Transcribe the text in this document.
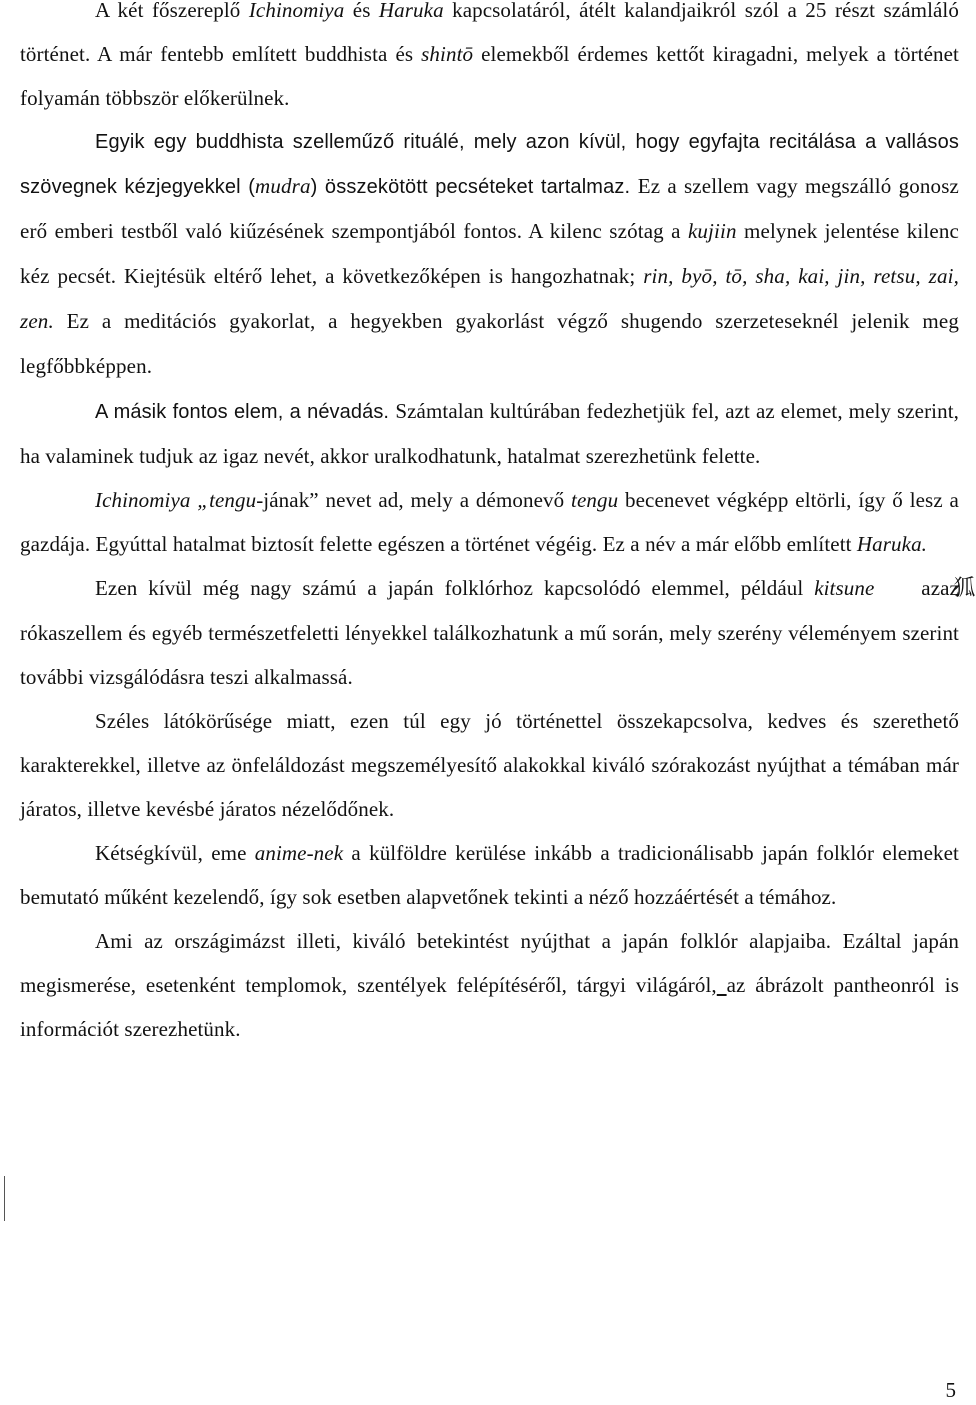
A két főszereplő Ichinomiya és Haruka kapcsolatáról, átélt kalandjaikról szól a 25 részt számláló történet. A már fentebb említett buddhista és shintō elemekből érdemes kettőt kiragadni, melyek a történet folyamán többször előkerülnek.

Egyik egy buddhista szellemű​ző rituálé, mely azon kívül, hogy egyfajta recitálása a vallásos szövegnek kézjegyekkel (mudra) összekötött pecséteket tartalmaz. Ez a szellem vagy megszálló gonosz erő emberi testből való kiűzésének szempontjából fontos. A kilenc szótag a kujiin melynek jelentése kilenc kéz pecsét. Kiejtésük eltérő lehet, a következőképen is hangozhatnak; rin, byō, tō, sha, kai, jin, retsu, zai, zen. Ez a meditációs gyakorlat, a hegyekben gyakorlást végző shugendo szerzeteseknél jelenik meg legfőbbképpen.

A másik fontos elem, a névadás. Számtalan kultúrában fedezhetjük fel, azt az elemet, mely szerint, ha valaminek tudjuk az igaz nevét, akkor uralkodhatunk, hatalmat szerezhetünk felette.

Ichinomiya „tengu-jának” nevet ad, mely a démonevő tengu becenevet végképp eltörli, így ő lesz a gazdája. Egyúttal hatalmat biztosít felette egészen a történet végéig. Ez a név a már előbb említett Haruka.

Ezen kívül még nagy számú a japán folklórhoz kapcsolódó elemmel, például kitsune	狐 azaz rókaszellem és egyéb természetfeletti lényekkel találkozhatunk a mű során, mely szerény véleményem szerint további vizsgálódásra teszi alkalmassá.

Széles látókörűsége miatt, ezen túl egy jó történettel összekapcsolva, kedves és szerethető karakterekkel, illetve az önfeláldozást megszemélyesítő alakokkal kiváló szórakozást nyújthat a témában már járatos, illetve kevésbé járatos nézelődőnek.

Kétségkívül, eme anime-nek a külföldre kerülése inkább a tradicionálisabb japán folklór elemeket bemutató műként kezelendő, így sok esetben alapvetőnek tekinti a néző hozzáértését a témához.

Ami az országimázst illeti, kiváló betekintést nyújthat a japán folklór alapjaiba. Ezáltal japán megismerése, esetenként templomok, szentélyek felépítéséről, tárgyi világáról, az ábrázolt pantheonról is információt szerezhetünk.

5
